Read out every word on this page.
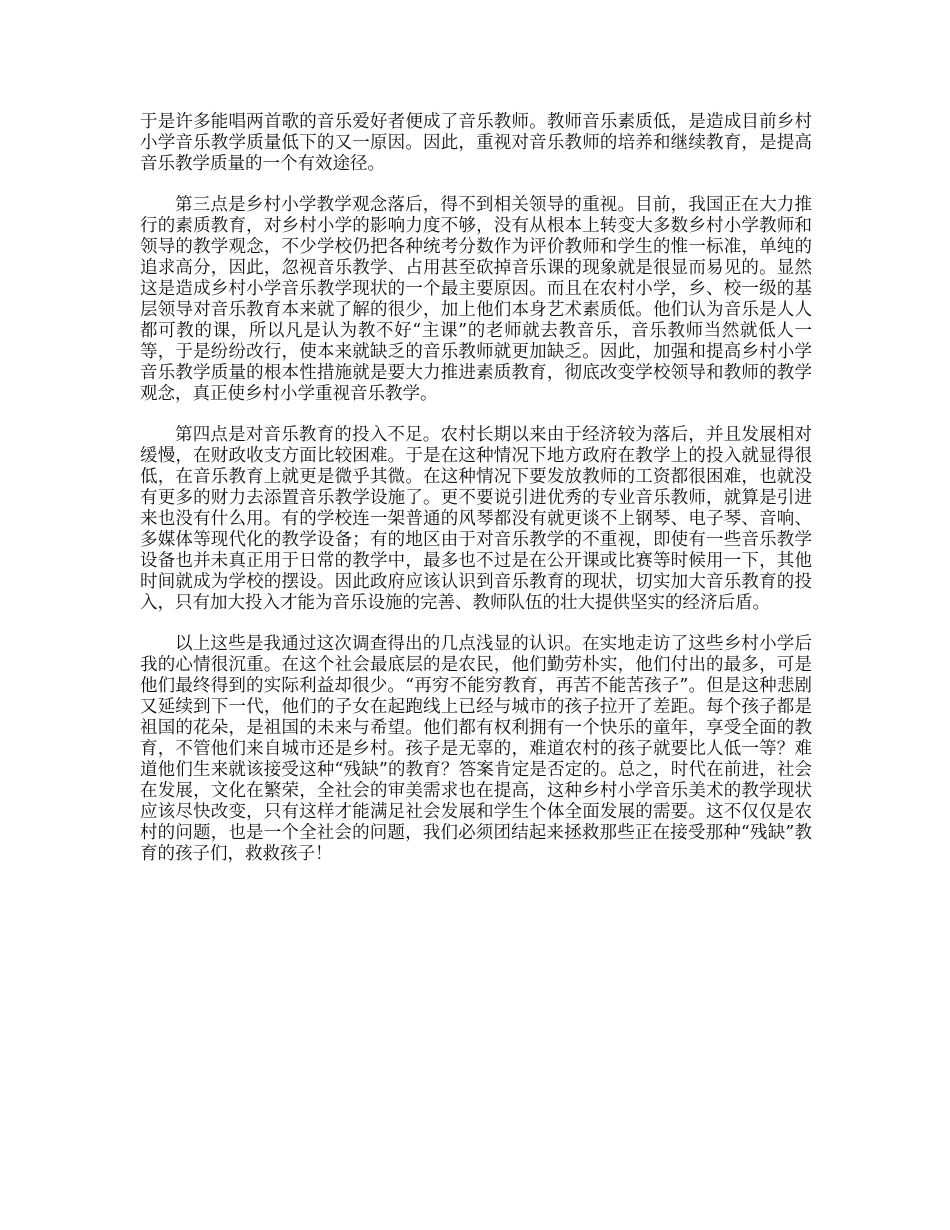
于是许多能唱两首歌的音乐爱好者便成了音乐教师。教师音乐素质低，是造成目前乡村小学音乐教学质量低下的又一原因。因此，重视对音乐教师的培养和继续教育，是提高音乐教学质量的一个有效途径。

第三点是乡村小学教学观念落后，得不到相关领导的重视。目前，我国正在大力推行的素质教育，对乡村小学的影响力度不够，没有从根本上转变大多数乡村小学教师和领导的教学观念，不少学校仍把各种统考分数作为评价教师和学生的惟一标准，单纯的追求高分，因此，忽视音乐教学、占用甚至砍掉音乐课的现象就是很显而易见的。显然这是造成乡村小学音乐教学现状的一个最主要原因。而且在农村小学，乡、校一级的基层领导对音乐教育本来就了解的很少，加上他们本身艺术素质低。他们认为音乐是人人都可教的课，所以凡是认为教不好“主课”的老师就去教音乐，音乐教师当然就低人一等，于是纷纷改行，使本来就缺乏的音乐教师就更加缺乏。因此，加强和提高乡村小学音乐教学质量的根本性措施就是要大力推进素质教育，彻底改变学校领导和教师的教学观念，真正使乡村小学重视音乐教学。

第四点是对音乐教育的投入不足。农村长期以来由于经济较为落后，并且发展相对缓慢，在财政收支方面比较困难。于是在这种情况下地方政府在教学上的投入就显得很低，在音乐教育上就更是微乎其微。在这种情况下要发放教师的工资都很困难，也就没有更多的财力去添置音乐教学设施了。更不要说引进优秀的专业音乐教师，就算是引进来也没有什么用。有的学校连一架普通的风琴都没有就更谈不上钢琴、电子琴、音响、多媒体等现代化的教学设备；有的地区由于对音乐教学的不重视，即使有一些音乐教学设备也并未真正用于日常的教学中，最多也不过是在公开课或比赛等时候用一下，其他时间就成为学校的摆设。因此政府应该认识到音乐教育的现状，切实加大音乐教育的投入，只有加大投入才能为音乐设施的完善、教师队伍的壮大提供坚实的经济后盾。

以上这些是我通过这次调查得出的几点浅显的认识。在实地走访了这些乡村小学后我的心情很沉重。在这个社会最底层的是农民，他们勤劳朴实，他们付出的最多，可是他们最终得到的实际利益却很少。“再穷不能穷教育，再苦不能苦孩子”。但是这种悲剧又延续到下一代，他们的子女在起跑线上已经与城市的孩子拉开了差距。每个孩子都是祖国的花朵，是祖国的未来与希望。他们都有权利拥有一个快乐的童年，享受全面的教育，不管他们来自城市还是乡村。孩子是无辜的，难道农村的孩子就要比人低一等？难道他们生来就该接受这种“残缺”的教育？答案肯定是否定的。总之，时代在前进，社会在发展，文化在繁荣，全社会的审美需求也在提高，这种乡村小学音乐美术的教学现状应该尽快改变，只有这样才能满足社会发展和学生个体全面发展的需要。这不仅仅是农村的问题，也是一个全社会的问题，我们必须团结起来拯救那些正在接受那种“残缺”教育的孩子们，救救孩子！
